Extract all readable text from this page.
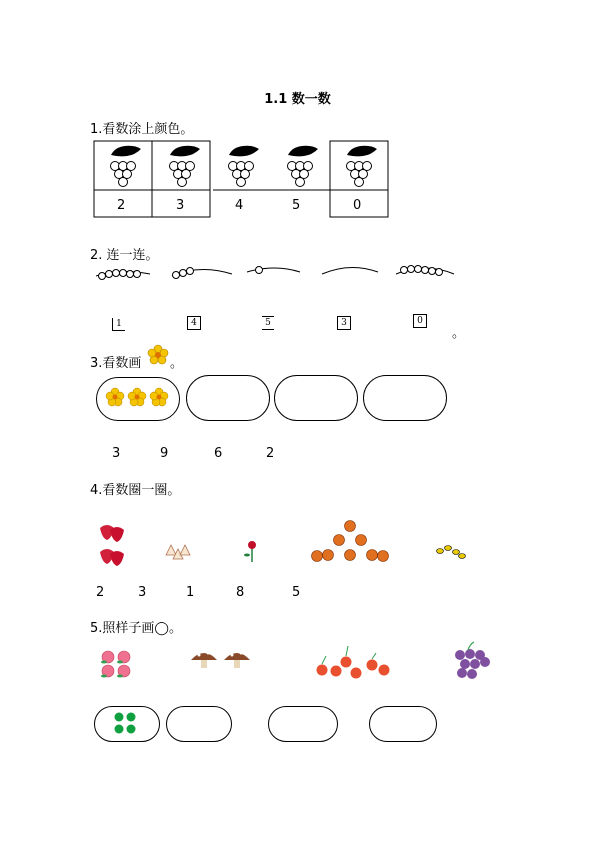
1.1 数一数
1.看数涂上颜色。
2	3	4	5	0
2. 连一连。
1	4	5	3	0
。
3.看数画 。
3	9	6	2
4.看数圈一圈。
2	3	1	8	5
5.照样子画◯。
